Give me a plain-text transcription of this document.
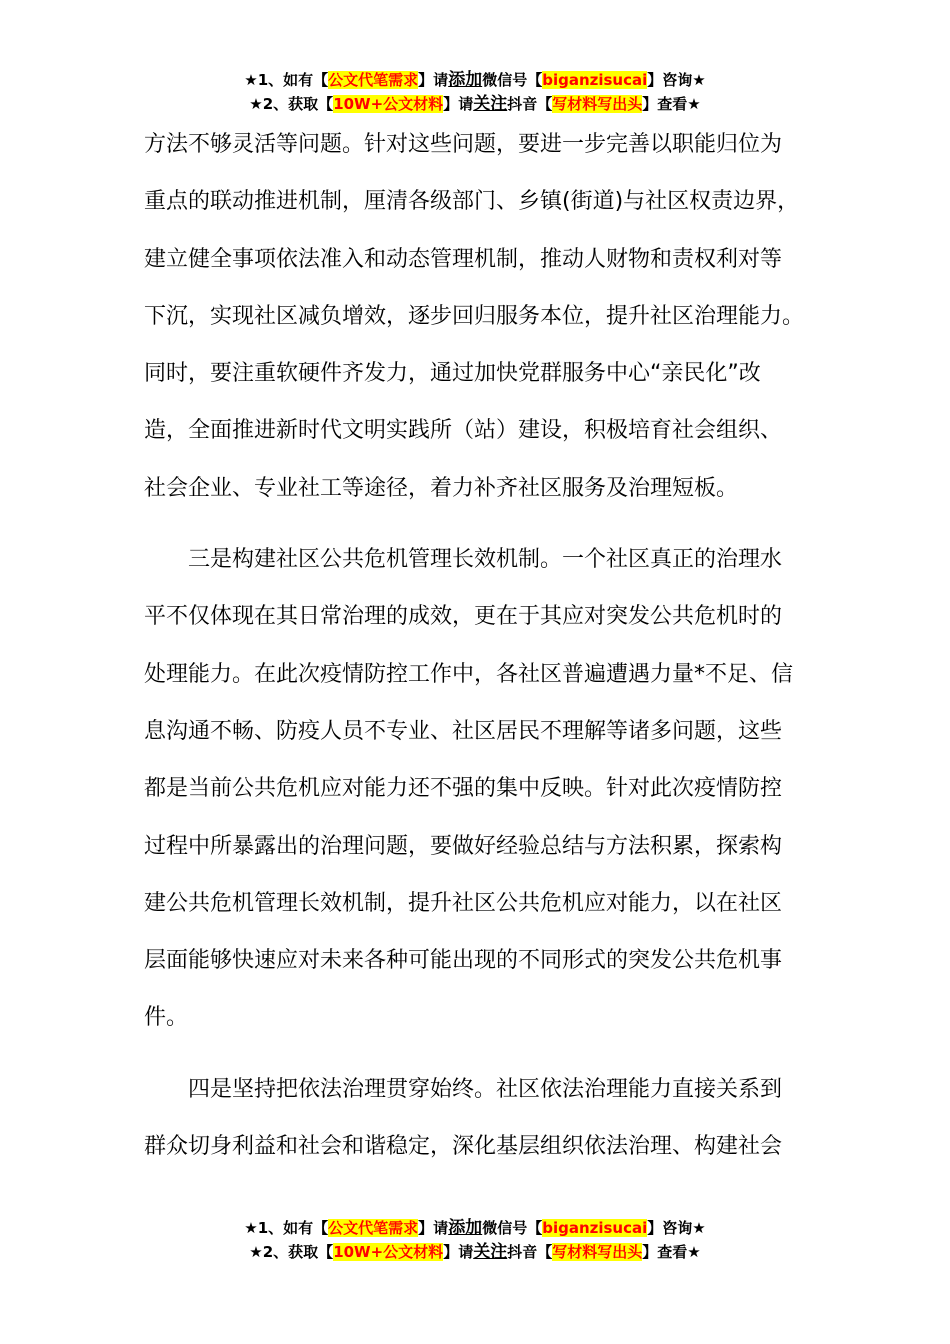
★1、如有【公文代笔需求】请添加微信号【biganzisucai】咨询★
★2、获取【10W+公文材料】请关注抖音【写材料写出头】查看★
方法不够灵活等问题。针对这些问题，要进一步完善以职能归位为
重点的联动推进机制，厘清各级部门、乡镇(街道)与社区权责边界，
建立健全事项依法准入和动态管理机制，推动人财物和责权利对等
下沉，实现社区减负增效，逐步回归服务本位，提升社区治理能力。
同时，要注重软硬件齐发力，通过加快党群服务中心“亲民化”改
造，全面推进新时代文明实践所（站）建设，积极培育社会组织、
社会企业、专业社工等途径，着力补齐社区服务及治理短板。
　　三是构建社区公共危机管理长效机制。一个社区真正的治理水
平不仅体现在其日常治理的成效，更在于其应对突发公共危机时的
处理能力。在此次疫情防控工作中，各社区普遍遭遇力量*不足、信
息沟通不畅、防疫人员不专业、社区居民不理解等诸多问题，这些
都是当前公共危机应对能力还不强的集中反映。针对此次疫情防控
过程中所暴露出的治理问题，要做好经验总结与方法积累，探索构
建公共危机管理长效机制，提升社区公共危机应对能力，以在社区
层面能够快速应对未来各种可能出现的不同形式的突发公共危机事
件。
　　四是坚持把依法治理贯穿始终。社区依法治理能力直接关系到
群众切身利益和社会和谐稳定，深化基层组织依法治理、构建社会
★1、如有【公文代笔需求】请添加微信号【biganzisucai】咨询★
★2、获取【10W+公文材料】请关注抖音【写材料写出头】查看★
